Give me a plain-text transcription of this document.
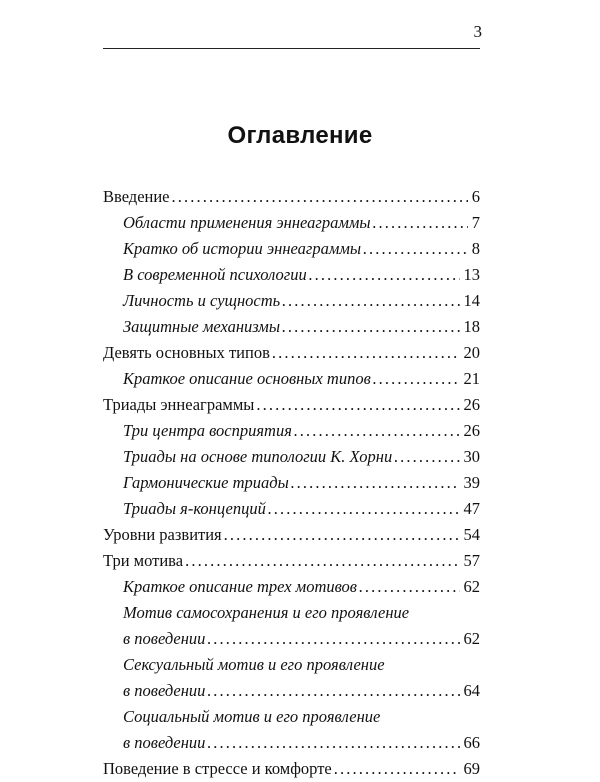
3
Оглавление
Введение . . .	6
Области применения эннеаграммы . . .	7
Кратко об истории эннеаграммы . . .	8
В современной психологии . . .	13
Личность и сущность . . .	14
Защитные механизмы . . .	18
Девять основных типов . . .	20
Краткое описание основных типов . . .	21
Триады эннеаграммы . . .	26
Три центра восприятия . . .	26
Триады на основе типологии К. Хорни . . .	30
Гармонические триады . . .	39
Триады я-концепций . . .	47
Уровни развития . . .	54
Три мотива . . .	57
Краткое описание трех мотивов . . .	62
Мотив самосохранения и его проявление
в поведении . . .	62
Сексуальный мотив и его проявление
в поведении . . .	64
Социальный мотив и его проявление
в поведении . . .	66
Поведение в стрессе и комфорте . . .	69
